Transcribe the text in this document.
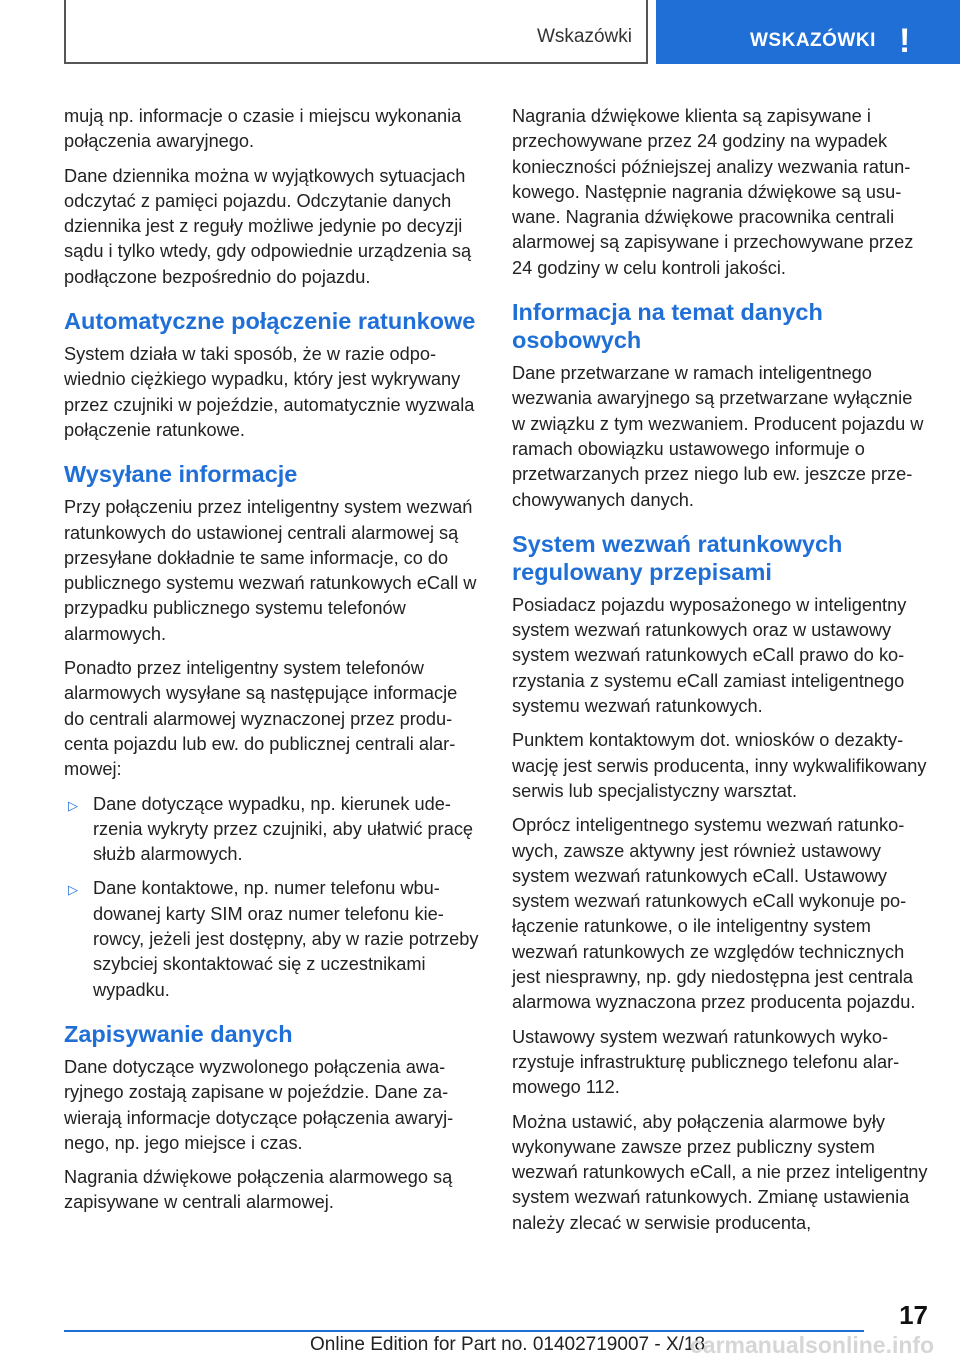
Wskazówki	WSKAZÓWKI !

mują np. informacje o czasie i miejscu wykonania połączenia awaryjnego.

Dane dziennika można w wyjątkowych sytuacjach odczytać z pamięci pojazdu. Odczytanie danych dziennika jest z reguły możliwe jedynie po decyzji sądu i tylko wtedy, gdy odpowiednie urządzenia są podłączone bezpośrednio do pojazdu.

Automatyczne połączenie ratunkowe

System działa w taki sposób, że w razie odpowiednio ciężkiego wypadku, który jest wykrywany przez czujniki w pojeździe, automatycznie wyzwala połączenie ratunkowe.

Wysyłane informacje

Przy połączeniu przez inteligentny system wezwań ratunkowych do ustawionej centrali alarmowej są przesyłane dokładnie te same informacje, co do publicznego systemu wezwań ratunkowych eCall w przypadku publicznego systemu telefonów alarmowych.

Ponadto przez inteligentny system telefonów alarmowych wysyłane są następujące informacje do centrali alarmowej wyznaczonej przez producenta pojazdu lub ew. do publicznej centrali alarmowej:

▷ Dane dotyczące wypadku, np. kierunek uderzenia wykryty przez czujniki, aby ułatwić pracę służb alarmowych.
▷ Dane kontaktowe, np. numer telefonu wbudowanej karty SIM oraz numer telefonu kierowcy, jeżeli jest dostępny, aby w razie potrzeby szybciej skontaktować się z uczestnikami wypadku.
Zapisywanie danych

Dane dotyczące wyzwolonego połączenia awaryjnego zostają zapisane w pojeździe. Dane zawierają informacje dotyczące połączenia awaryjnego, np. jego miejsce i czas.

Nagrania dźwiękowe połączenia alarmowego są zapisywane w centrali alarmowej.

Nagrania dźwiękowe klienta są zapisywane i przechowywane przez 24 godziny na wypadek konieczności późniejszej analizy wezwania ratunkowego. Następnie nagrania dźwiękowe są usuwane. Nagrania dźwiękowe pracownika centrali alarmowej są zapisywane i przechowywane przez 24 godziny w celu kontroli jakości.

Informacja na temat danych osobowych

Dane przetwarzane w ramach inteligentnego wezwania awaryjnego są przetwarzane wyłącznie w związku z tym wezwaniem. Producent pojazdu w ramach obowiązku ustawowego informuje o przetwarzanych przez niego lub ew. jeszcze przechowywanych danych.

System wezwań ratunkowych regulowany przepisami

Posiadacz pojazdu wyposażonego w inteligentny system wezwań ratunkowych oraz w ustawowy system wezwań ratunkowych eCall prawo do korzystania z systemu eCall zamiast inteligentnego systemu wezwań ratunkowych.

Punktem kontaktowym dot. wniosków o dezaktywację jest serwis producenta, inny wykwalifikowany serwis lub specjalistyczny warsztat.

Oprócz inteligentnego systemu wezwań ratunkowych, zawsze aktywny jest również ustawowy system wezwań ratunkowych eCall. Ustawowy system wezwań ratunkowych eCall wykonuje połączenie ratunkowe, o ile inteligentny system wezwań ratunkowych ze względów technicznych jest niesprawny, np. gdy niedostępna jest centrala alarmowa wyznaczona przez producenta pojazdu.

Ustawowy system wezwań ratunkowych wykorzystuje infrastrukturę publicznego telefonu alarmowego 112.

Można ustawić, aby połączenia alarmowe były wykonywane zawsze przez publiczny system wezwań ratunkowych eCall, a nie przez inteligentny system wezwań ratunkowych. Zmianę ustawienia należy zlecać w serwisie producenta,

17
Online Edition for Part no. 01402719007 - X/18
carmanualsonline.info
